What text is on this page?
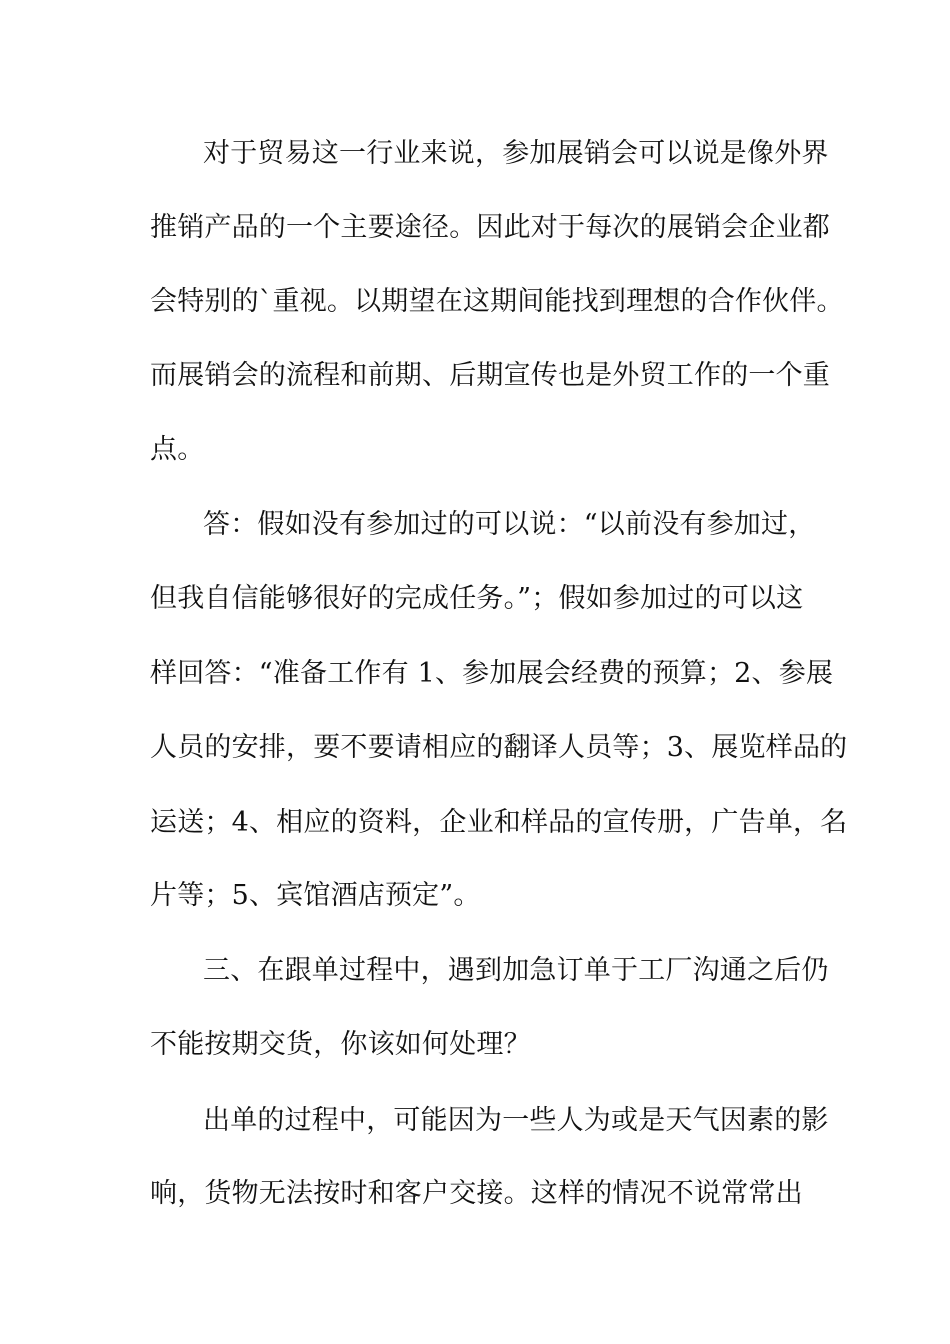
对于贸易这一行业来说，参加展销会可以说是像外界
推销产品的一个主要途径。因此对于每次的展销会企业都
会特别的`重视。以期望在这期间能找到理想的合作伙伴。
而展销会的流程和前期、后期宣传也是外贸工作的一个重
点。
答：假如没有参加过的可以说：“以前没有参加过，
但我自信能够很好的完成任务。”；假如参加过的可以这
样回答：“准备工作有 1、参加展会经费的预算；2、参展
人员的安排，要不要请相应的翻译人员等；3、展览样品的
运送；4、相应的资料，企业和样品的宣传册，广告单，名
片等；5、宾馆酒店预定”。
三、在跟单过程中，遇到加急订单于工厂沟通之后仍
不能按期交货，你该如何处理？
出单的过程中，可能因为一些人为或是天气因素的影
响，货物无法按时和客户交接。这样的情况不说常常出
